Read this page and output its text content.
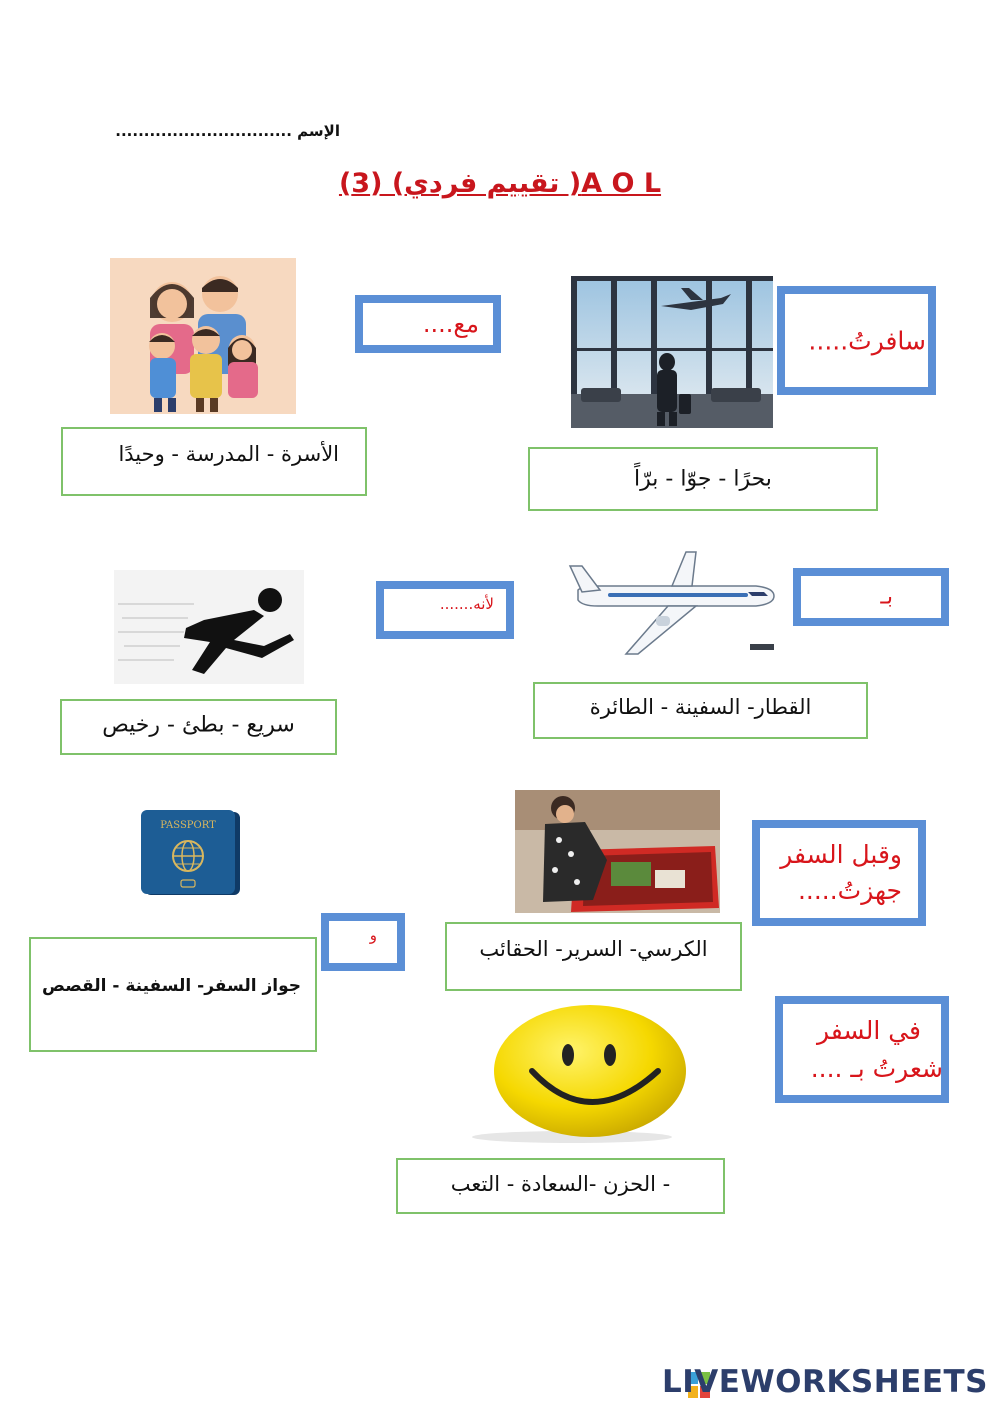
الإسم ...............................
A O L( تقييم فردي) (3)
سافرتُ.....
بحرًا - جوّا - برّاً
مع....
الأسرة - المدرسة - وحيدًا
بـ
القطار- السفينة - الطائرة
لأنه.......
سريع - بطئ - رخيص
وقبل السفر
جهزتُ.....
الكرسي- السرير- الحقائب
PASSPORT
و
جواز السفر- السفينة - القصص
في السفر
شعرتُ بـ ....
- الحزن -السعادة - التعب
LIVEWORKSHEETS
